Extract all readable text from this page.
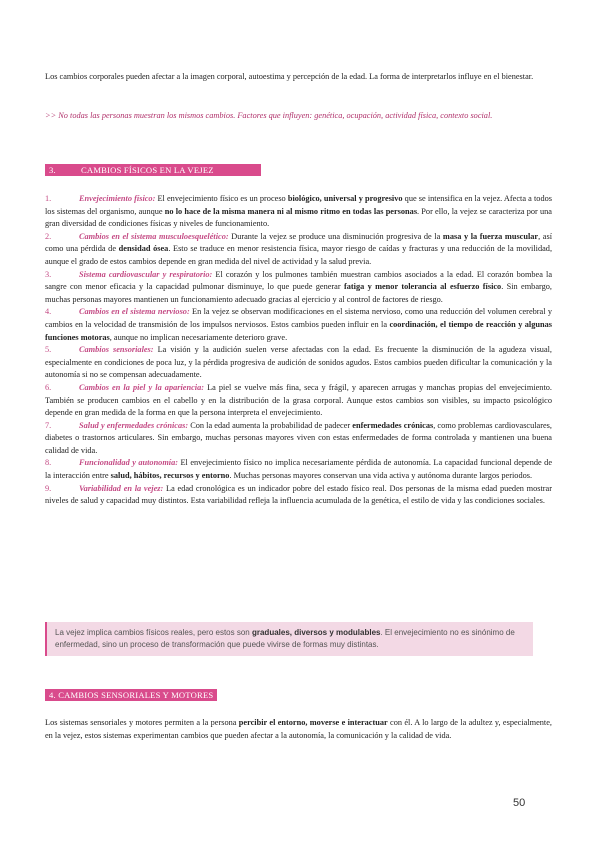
Los cambios corporales pueden afectar a la imagen corporal, autoestima y percepción de la edad. La forma de interpretarlos influye en el bienestar.

>> No todas las personas muestran los mismos cambios. Factores que influyen: genética, ocupación, actividad física, contexto social.

3.	CAMBIOS FÍSICOS EN LA VEJEZ

1.	Envejecimiento físico: El envejecimiento físico es un proceso biológico, universal y progresivo que se intensifica en la vejez. Afecta a todos los sistemas del organismo, aunque no lo hace de la misma manera ni al mismo ritmo en todas las personas. Por ello, la vejez se caracteriza por una gran diversidad de condiciones físicas y niveles de funcionamiento.

2.	Cambios en el sistema musculoesquelético: Durante la vejez se produce una disminución progresiva de la masa y la fuerza muscular, así como una pérdida de densidad ósea. Esto se traduce en menor resistencia física, mayor riesgo de caídas y fracturas y una reducción de la movilidad, aunque el grado de estos cambios depende en gran medida del nivel de actividad y la salud previa.

3.	Sistema cardiovascular y respiratorio: El corazón y los pulmones también muestran cambios asociados a la edad. El corazón bombea la sangre con menor eficacia y la capacidad pulmonar disminuye, lo que puede generar fatiga y menor tolerancia al esfuerzo físico. Sin embargo, muchas personas mayores mantienen un funcionamiento adecuado gracias al ejercicio y al control de factores de riesgo.

4.	Cambios en el sistema nervioso: En la vejez se observan modificaciones en el sistema nervioso, como una reducción del volumen cerebral y cambios en la velocidad de transmisión de los impulsos nerviosos. Estos cambios pueden influir en la coordinación, el tiempo de reacción y algunas funciones motoras, aunque no implican necesariamente deterioro grave.

5.	Cambios sensoriales: La visión y la audición suelen verse afectadas con la edad. Es frecuente la disminución de la agudeza visual, especialmente en condiciones de poca luz, y la pérdida progresiva de audición de sonidos agudos. Estos cambios pueden dificultar la comunicación y la autonomía si no se compensan adecuadamente.

6.	Cambios en la piel y la apariencia: La piel se vuelve más fina, seca y frágil, y aparecen arrugas y manchas propias del envejecimiento. También se producen cambios en el cabello y en la distribución de la grasa corporal. Aunque estos cambios son visibles, su impacto psicológico depende en gran medida de la forma en que la persona interpreta el envejecimiento.

7.	Salud y enfermedades crónicas: Con la edad aumenta la probabilidad de padecer enfermedades crónicas, como problemas cardiovasculares, diabetes o trastornos articulares. Sin embargo, muchas personas mayores viven con estas enfermedades de forma controlada y mantienen una buena calidad de vida.

8.	Funcionalidad y autonomía: El envejecimiento físico no implica necesariamente pérdida de autonomía. La capacidad funcional depende de la interacción entre salud, hábitos, recursos y entorno. Muchas personas mayores conservan una vida activa y autónoma durante largos periodos.

9.	Variabilidad en la vejez: La edad cronológica es un indicador pobre del estado físico real. Dos personas de la misma edad pueden mostrar niveles de salud y capacidad muy distintos. Esta variabilidad refleja la influencia acumulada de la genética, el estilo de vida y las condiciones sociales.

La vejez implica cambios físicos reales, pero estos son graduales, diversos y modulables. El envejecimiento no es sinónimo de enfermedad, sino un proceso de transformación que puede vivirse de formas muy distintas.
4. CAMBIOS SENSORIALES Y MOTORES

Los sistemas sensoriales y motores permiten a la persona percibir el entorno, moverse e interactuar con él. A lo largo de la adultez y, especialmente, en la vejez, estos sistemas experimentan cambios que pueden afectar a la autonomía, la comunicación y la calidad de vida.

50
